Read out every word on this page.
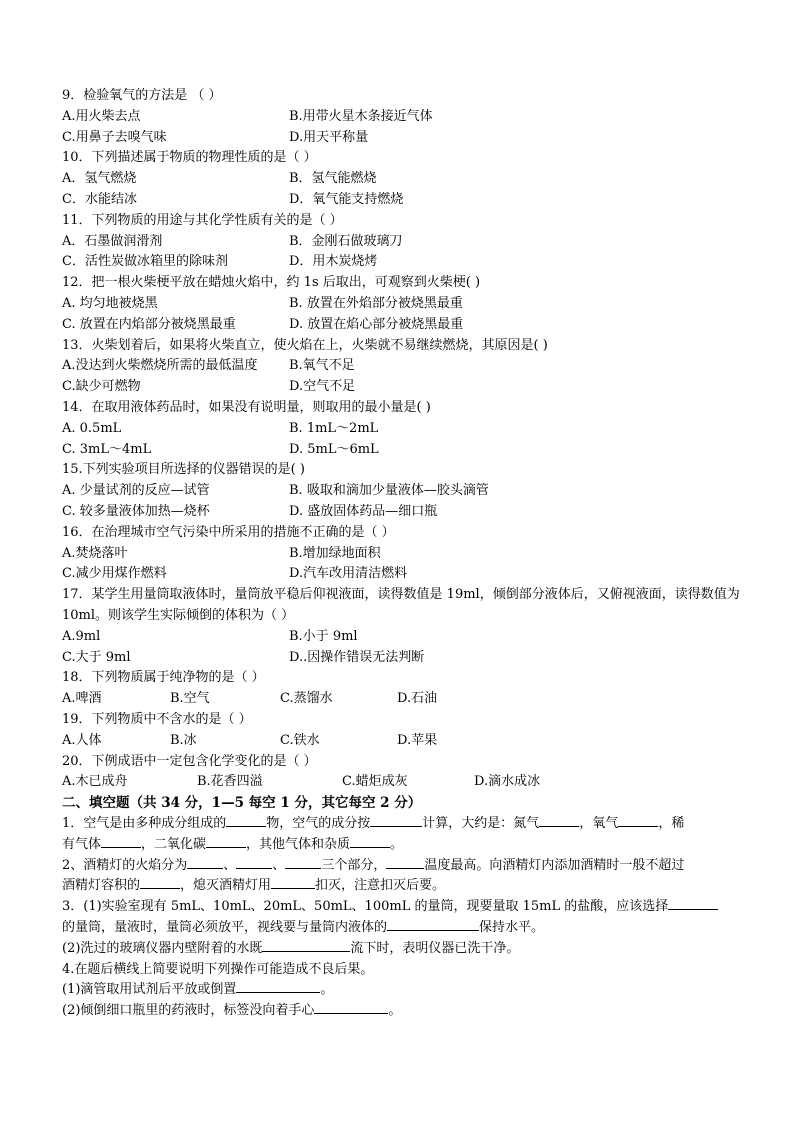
9．检验氧气的方法是 （ ）
A.用火柴去点	B.用带火星木条接近气体
C.用鼻子去嗅气味	D.用天平称量
10．下列描述属于物质的物理性质的是（ ）
A．氢气燃烧	B．氢气能燃烧
C．水能结冰	D．氧气能支持燃烧
11．下列物质的用途与其化学性质有关的是（ ）
A．石墨做润滑剂	B．金刚石做玻璃刀
C．活性炭做冰箱里的除味剂	D．用木炭烧烤
12．把一根火柴梗平放在蜡烛火焰中，约 1s 后取出，可观察到火柴梗( )
A. 均匀地被烧黑	B. 放置在外焰部分被烧黑最重
C. 放置在内焰部分被烧黑最重	D. 放置在焰心部分被烧黑最重
13．火柴划着后，如果将火柴直立，使火焰在上，火柴就不易继续燃烧，其原因是( )
A.没达到火柴燃烧所需的最低温度	B.氧气不足
C.缺少可燃物	D.空气不足
14．在取用液体药品时，如果没有说明量，则取用的最小量是( )
A. 0.5mL	B. 1mL～2mL
C. 3mL～4mL	D. 5mL～6mL
15.下列实验项目所选择的仪器错误的是( )
A. 少量试剂的反应—试管	B. 吸取和滴加少量液体—胶头滴管
C. 较多量液体加热—烧杯	D. 盛放固体药品—细口瓶
16．在治理城市空气污染中所采用的措施不正确的是（ ）
A.焚烧落叶	B.增加绿地面积
C.减少用煤作燃料	D.汽车改用清洁燃料
17．某学生用量筒取液体时，量筒放平稳后仰视液面，读得数值是 19ml，倾倒部分液体后，又俯视液面，读得数值为 10ml。则该学生实际倾倒的体积为（ ）
A.9ml	B.小于 9ml
C.大于 9ml	D..因操作错误无法判断
18．下列物质属于纯净物的是（ ）
A.啤酒	B.空气	C.蒸馏水	D.石油
19．下列物质中不含水的是（ ）
A.人体	B.冰	C.铁水	D.苹果
20．下例成语中一定包含化学变化的是（ ）
A.木已成舟	B.花香四溢	C.蜡炬成灰	D.滴水成冰
二、填空题（共 34 分，1—5 每空 1 分，其它每空 2 分）
1．空气是由多种成分组成的	物，空气的成分按	计算，大约是：氮气	，氧气	，稀
有气体	，二氧化碳	，其他气体和杂质	。
2、酒精灯的火焰分为	、	、	三个部分，	温度最高。向酒精灯内添加酒精时一般不超过
酒精灯容积的	，熄灭酒精灯用	扣灭，注意扣灭后要。
3．(1)实验室现有 5mL、10mL、20mL、50mL、100mL 的量筒，现要量取 15mL 的盐酸，应该选择
的量筒，量液时，量筒必须放平，视线要与量筒内液体的	保持水平。
(2)洗过的玻璃仪器内壁附着的水既	流下时，表明仪器已洗干净。
4.在题后横线上简要说明下列操作可能造成不良后果。
(1)滴管取用试剂后平放或倒置	。
(2)倾倒细口瓶里的药液时，标签没向着手心	。
